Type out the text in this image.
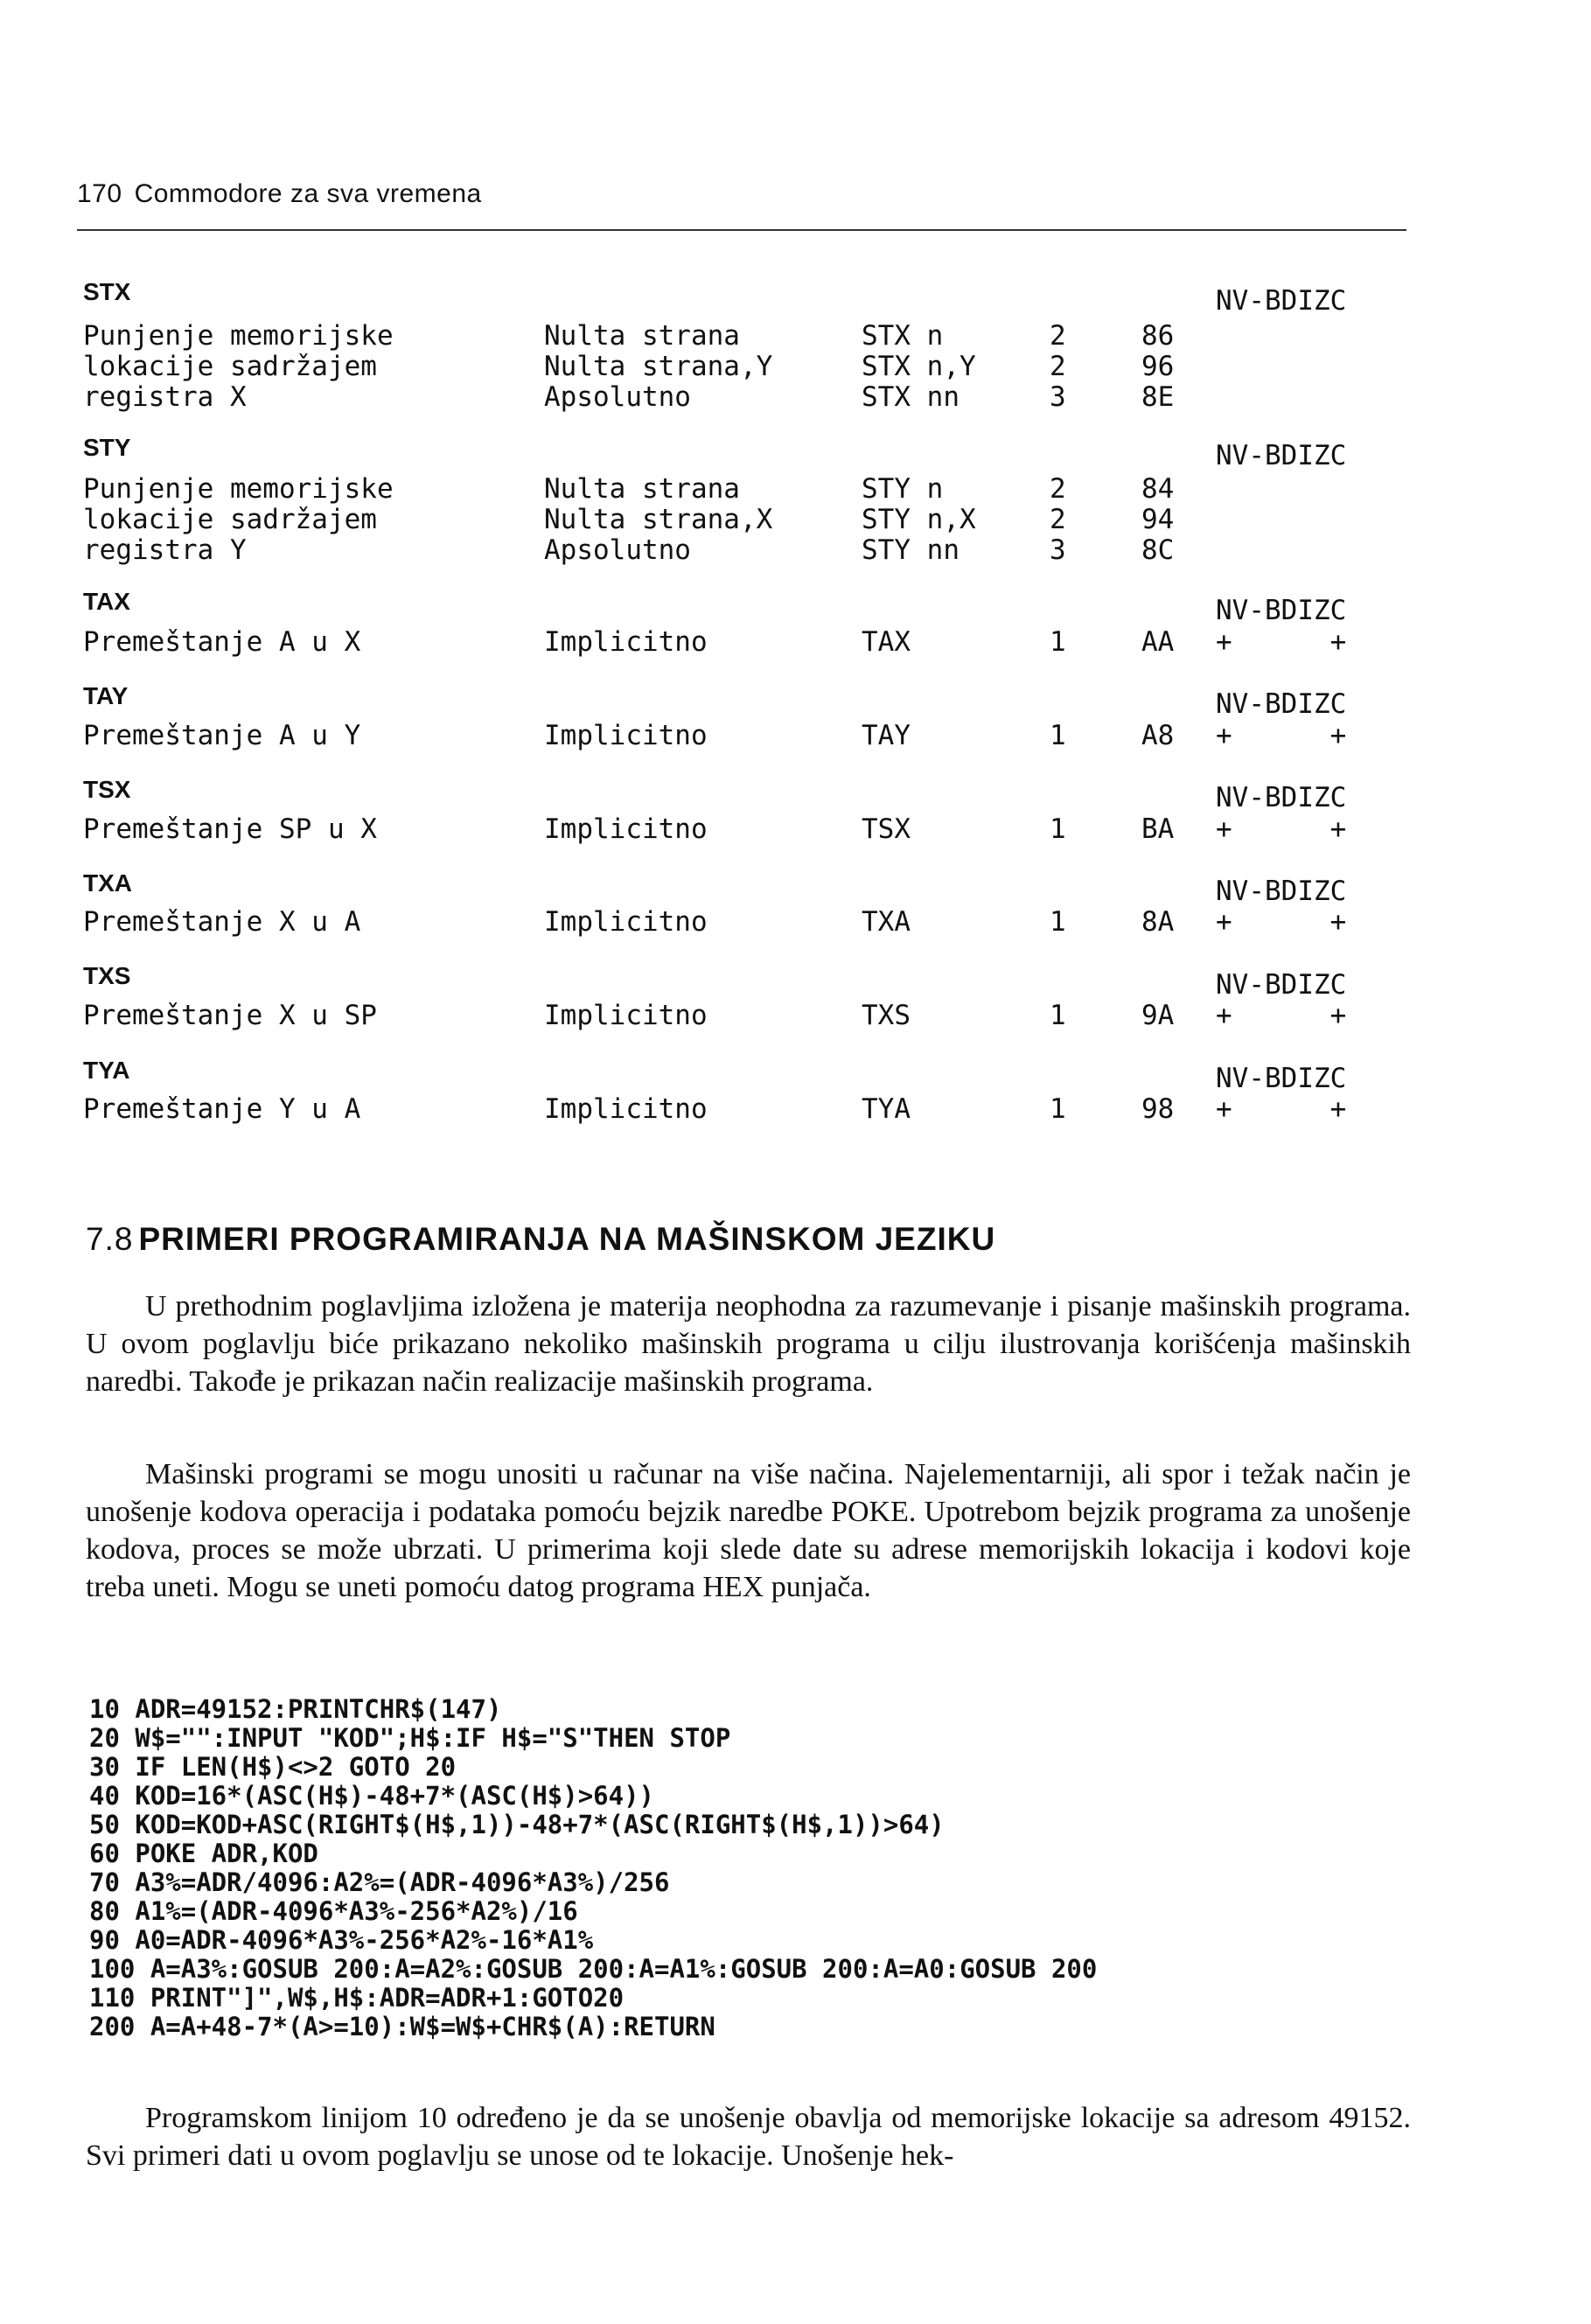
170 Commodore za sva vremena
STX	NV-BDIZC
Punjenje memorijske	Nulta strana	STX n	2	86
lokacije sadržajem	Nulta strana,Y	STX n,Y	2	96
registra X	Apsolutno	STX nn	3	8E
STY	NV-BDIZC
Punjenje memorijske	Nulta strana	STY n	2	84
lokacije sadržajem	Nulta strana,X	STY n,X	2	94
registra Y	Apsolutno	STY nn	3	8C
TAX	NV-BDIZC
Premeštanje A u X	Implicitno	TAX	1	AA +      +
TAY	NV-BDIZC
Premeštanje A u Y	Implicitno	TAY	1	A8 +      +
TSX	NV-BDIZC
Premeštanje SP u X	Implicitno	TSX	1	BA +      +
TXA	NV-BDIZC
Premeštanje X u A	Implicitno	TXA	1	8A +      +
TXS	NV-BDIZC
Premeštanje X u SP	Implicitno	TXS	1	9A +      +
TYA	NV-BDIZC
Premeštanje Y u A	Implicitno	TYA	1	98 +      +
7.8 PRIMERI PROGRAMIRANJA NA MAŠINSKOM JEZIKU

U prethodnim poglavljima izložena je materija neophodna za razumevanje i pisanje mašinskih programa. U ovom poglavlju biće prikazano nekoliko mašinskih programa u cilju ilustrovanja korišćenja mašinskih naredbi. Takođe je prikazan način realizacije mašinskih programa.

Mašinski programi se mogu unositi u računar na više načina. Najelementarniji, ali spor i težak način je unošenje kodova operacija i podataka pomoću bejzik naredbe POKE. Upotrebom bejzik programa za unošenje kodova, proces se može ubrzati. U primerima koji slede date su adrese memorijskih lokacija i kodovi koje treba uneti. Mogu se uneti pomoću datog programa HEX punjača.

10 ADR=49152:PRINTCHR$(147)
20 W$="":INPUT "KOD";H$:IF H$="S"THEN STOP
30 IF LEN(H$)<>2 GOTO 20
40 KOD=16*(ASC(H$)-48+7*(ASC(H$)>64))
50 KOD=KOD+ASC(RIGHT$(H$,1))-48+7*(ASC(RIGHT$(H$,1))>64)
60 POKE ADR,KOD
70 A3%=ADR/4096:A2%=(ADR-4096*A3%)/256
80 A1%=(ADR-4096*A3%-256*A2%)/16
90 A0=ADR-4096*A3%-256*A2%-16*A1%
100 A=A3%:GOSUB 200:A=A2%:GOSUB 200:A=A1%:GOSUB 200:A=A0:GOSUB 200
110 PRINT"]",W$,H$:ADR=ADR+1:GOTO20
200 A=A+48-7*(A>=10):W$=W$+CHR$(A):RETURN

Programskom linijom 10 određeno je da se unošenje obavlja od memorijske lokacije sa adresom 49152. Svi primeri dati u ovom poglavlju se unose od te lokacije. Unošenje hek-
